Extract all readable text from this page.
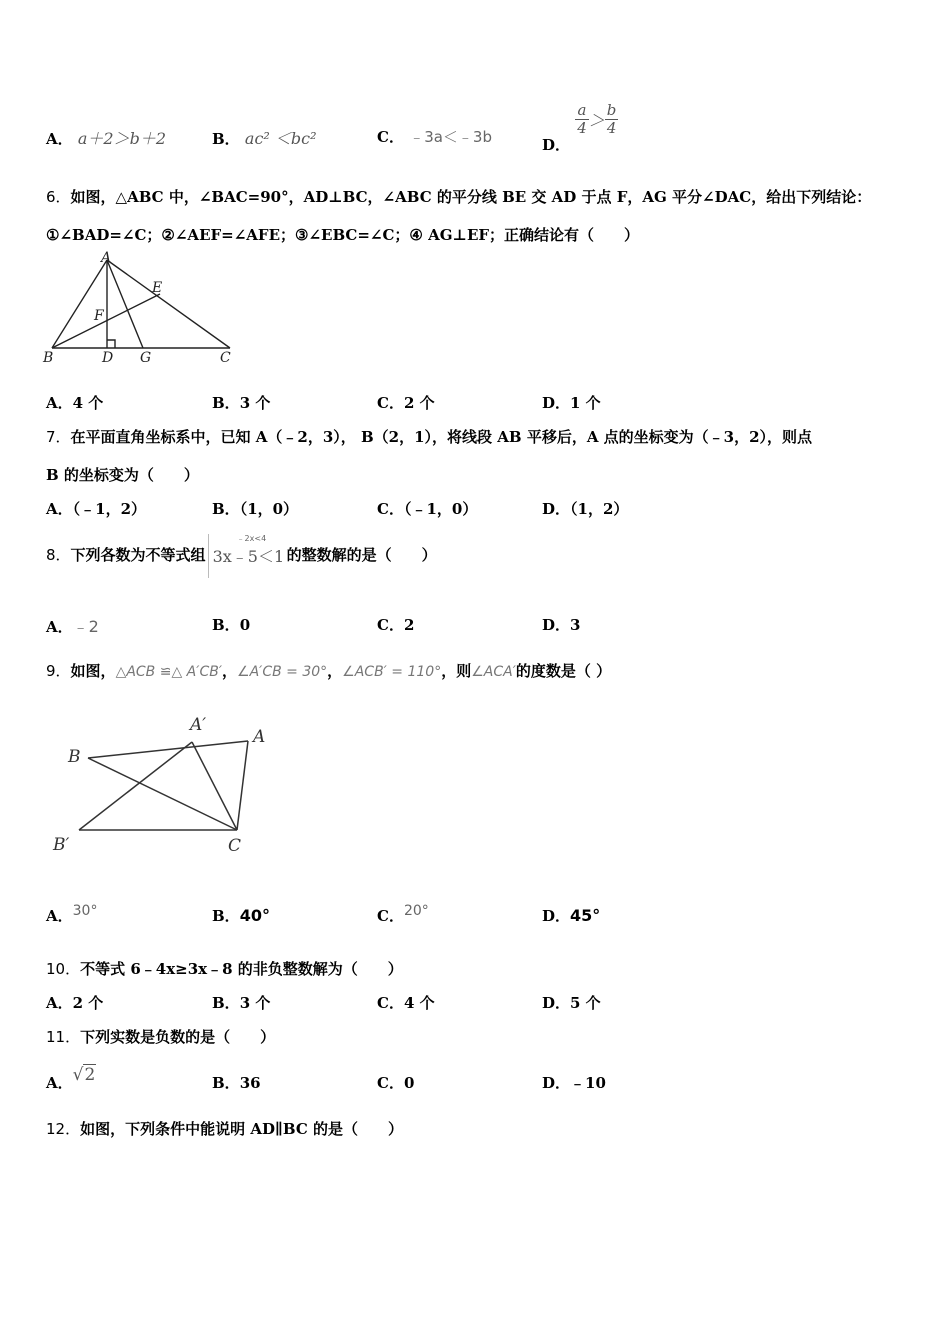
A． a＋2＞b＋2	B． ac² ＜bc²	C． ﹣3a＜﹣3b	D． $\frac{a}{4}>\frac{b}{4}$
6．如图，△ABC 中，∠BAC=90°，AD⊥BC，∠ABC 的平分线 BE 交 AD 于点 F，AG 平分∠DAC，给出下列结论：
①∠BAD=∠C；②∠AEF=∠AFE；③∠EBC=∠C；④ AG⊥EF；正确结论有（　　）
A
B	C
D
E
F
G
A．4 个	B．3 个	C．2 个	D．1 个
7．在平面直角坐标系中，已知 A（﹣2，3）， B（2，1），将线段 AB 平移后，A 点的坐标变为（﹣3，2），则点
B 的坐标变为（　　）
A．（﹣1，2）	B．（1，0）	C．（﹣1，0）	D．（1，2）
8．下列各数为不等式组
﹣2x<4
3x﹣5＜1 的整数解的是（　　）
A．﹣2	B．0	C．2	D．3
9．如图，△ACB ≌△ A′CB′，∠A′CB = 30°，∠ACB′ = 110°，则∠ACA′的度数是（ ）
B
A′
A
B′	C
A．30°	B．40°	C．20°	D．45°
10．不等式 6﹣4x≥3x﹣8 的非负整数解为（　　）
A．2 个	B．3 个	C．4 个	D．5 个
11．下列实数是负数的是（　　）
A．√2	B．36	C．0	D．﹣10
12．如图，下列条件中能说明 AD∥BC 的是（　　）
